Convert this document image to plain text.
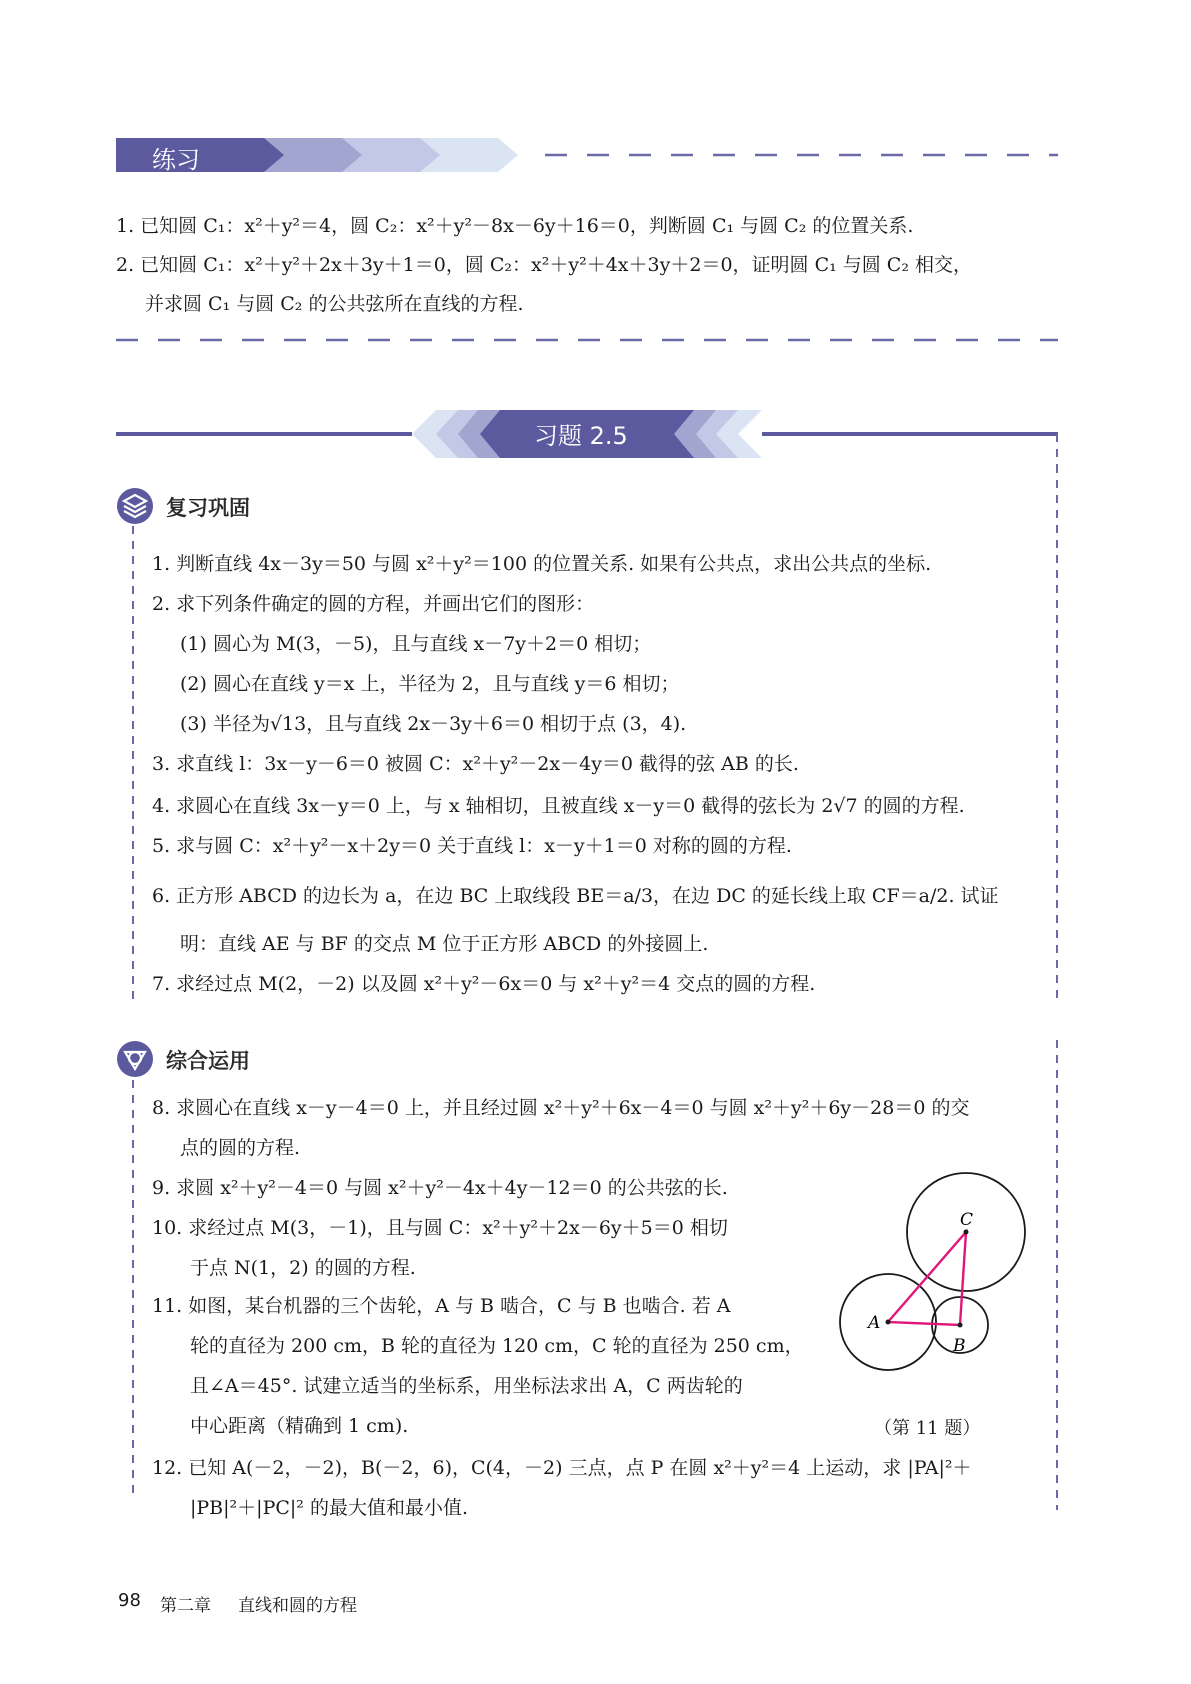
练习
1. 已知圆 C₁：x²＋y²＝4，圆 C₂：x²＋y²－8x－6y＋16＝0，判断圆 C₁ 与圆 C₂ 的位置关系.
2. 已知圆 C₁：x²＋y²＋2x＋3y＋1＝0，圆 C₂：x²＋y²＋4x＋3y＋2＝0，证明圆 C₁ 与圆 C₂ 相交，
并求圆 C₁ 与圆 C₂ 的公共弦所在直线的方程.
习题 2.5
复习巩固
1. 判断直线 4x－3y＝50 与圆 x²＋y²＝100 的位置关系. 如果有公共点，求出公共点的坐标.
2. 求下列条件确定的圆的方程，并画出它们的图形：
(1) 圆心为 M(3，－5)，且与直线 x－7y＋2＝0 相切；
(2) 圆心在直线 y＝x 上，半径为 2，且与直线 y＝6 相切；
(3) 半径为√13，且与直线 2x－3y＋6＝0 相切于点 (3，4).
3. 求直线 l：3x－y－6＝0 被圆 C：x²＋y²－2x－4y＝0 截得的弦 AB 的长.
4. 求圆心在直线 3x－y＝0 上，与 x 轴相切，且被直线 x－y＝0 截得的弦长为 2√7 的圆的方程.
5. 求与圆 C：x²＋y²－x＋2y＝0 关于直线 l：x－y＋1＝0 对称的圆的方程.
6. 正方形 ABCD 的边长为 a，在边 BC 上取线段 BE＝a/3，在边 DC 的延长线上取 CF＝a/2. 试证
明：直线 AE 与 BF 的交点 M 位于正方形 ABCD 的外接圆上.
7. 求经过点 M(2，－2) 以及圆 x²＋y²－6x＝0 与 x²＋y²＝4 交点的圆的方程.
综合运用
8. 求圆心在直线 x－y－4＝0 上，并且经过圆 x²＋y²＋6x－4＝0 与圆 x²＋y²＋6y－28＝0 的交
点的圆的方程.
9. 求圆 x²＋y²－4＝0 与圆 x²＋y²－4x＋4y－12＝0 的公共弦的长.
10. 求经过点 M(3，－1)，且与圆 C：x²＋y²＋2x－6y＋5＝0 相切
于点 N(1，2) 的圆的方程.
11. 如图，某台机器的三个齿轮，A 与 B 啮合，C 与 B 也啮合. 若 A
轮的直径为 200 cm，B 轮的直径为 120 cm，C 轮的直径为 250 cm，
且∠A＝45°. 试建立适当的坐标系，用坐标法求出 A，C 两齿轮的
中心距离（精确到 1 cm).
12. 已知 A(－2，－2)，B(－2，6)，C(4，－2) 三点，点 P 在圆 x²＋y²＝4 上运动，求 |PA|²＋
|PB|²＋|PC|² 的最大值和最小值.
C
A
B
（第 11 题）
98 第二章 直线和圆的方程
